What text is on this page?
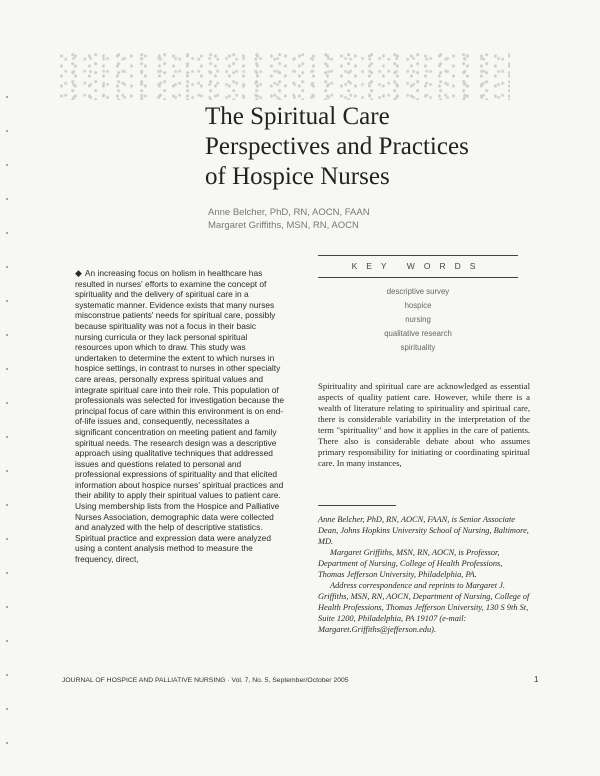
The Spiritual Care
Perspectives and Practices
of Hospice Nurses
Anne Belcher, PhD, RN, AOCN, FAAN
Margaret Griffiths, MSN, RN, AOCN

◆ An increasing focus on holism in healthcare has resulted in nurses' efforts to examine the concept of spirituality and the delivery of spiritual care in a systematic manner. Evidence exists that many nurses misconstrue patients' needs for spiritual care, possibly because spirituality was not a focus in their basic nursing curricula or they lack personal spiritual resources upon which to draw. This study was undertaken to determine the extent to which nurses in hospice settings, in contrast to nurses in other specialty care areas, personally express spiritual values and integrate spiritual care into their role. This population of professionals was selected for investigation because the principal focus of care within this environment is on end-of-life issues and, consequently, necessitates a significant concentration on meeting patient and family spiritual needs. The research design was a descriptive approach using qualitative techniques that addressed issues and questions related to personal and professional expressions of spirituality and that elicited information about hospice nurses' spiritual practices and their ability to apply their spiritual values to patient care. Using membership lists from the Hospice and Palliative Nurses Association, demographic data were collected and analyzed with the help of descriptive statistics. Spiritual practice and expression data were analyzed using a content analysis method to measure the frequency, direct,

KEY WORDS
descriptive survey
hospice
nursing
qualitative research
spirituality

Spirituality and spiritual care are acknowledged as essential aspects of quality patient care. However, while there is a wealth of literature relating to spirituality and spiritual care, there is considerable variability in the interpretation of the term "spirituality" and how it applies in the care of patients. There also is considerable debate about who assumes primary responsibility for initiating or coordinating spiritual care. In many instances,

Anne Belcher, PhD, RN, AOCN, FAAN, is Senior Associate Dean, Johns Hopkins University School of Nursing, Baltimore, MD.

Margaret Griffiths, MSN, RN, AOCN, is Professor, Department of Nursing, College of Health Professions, Thomas Jefferson University, Philadelphia, PA.

Address correspondence and reprints to Margaret J. Griffiths, MSN, RN, AOCN, Department of Nursing, College of Health Professions, Thomas Jefferson University, 130 S 9th St, Suite 1200, Philadelphia, PA 19107 (e-mail: Margaret.Griffiths@jefferson.edu).

JOURNAL OF HOSPICE AND PALLIATIVE NURSING · Vol. 7, No. 5, September/October 2005	1
